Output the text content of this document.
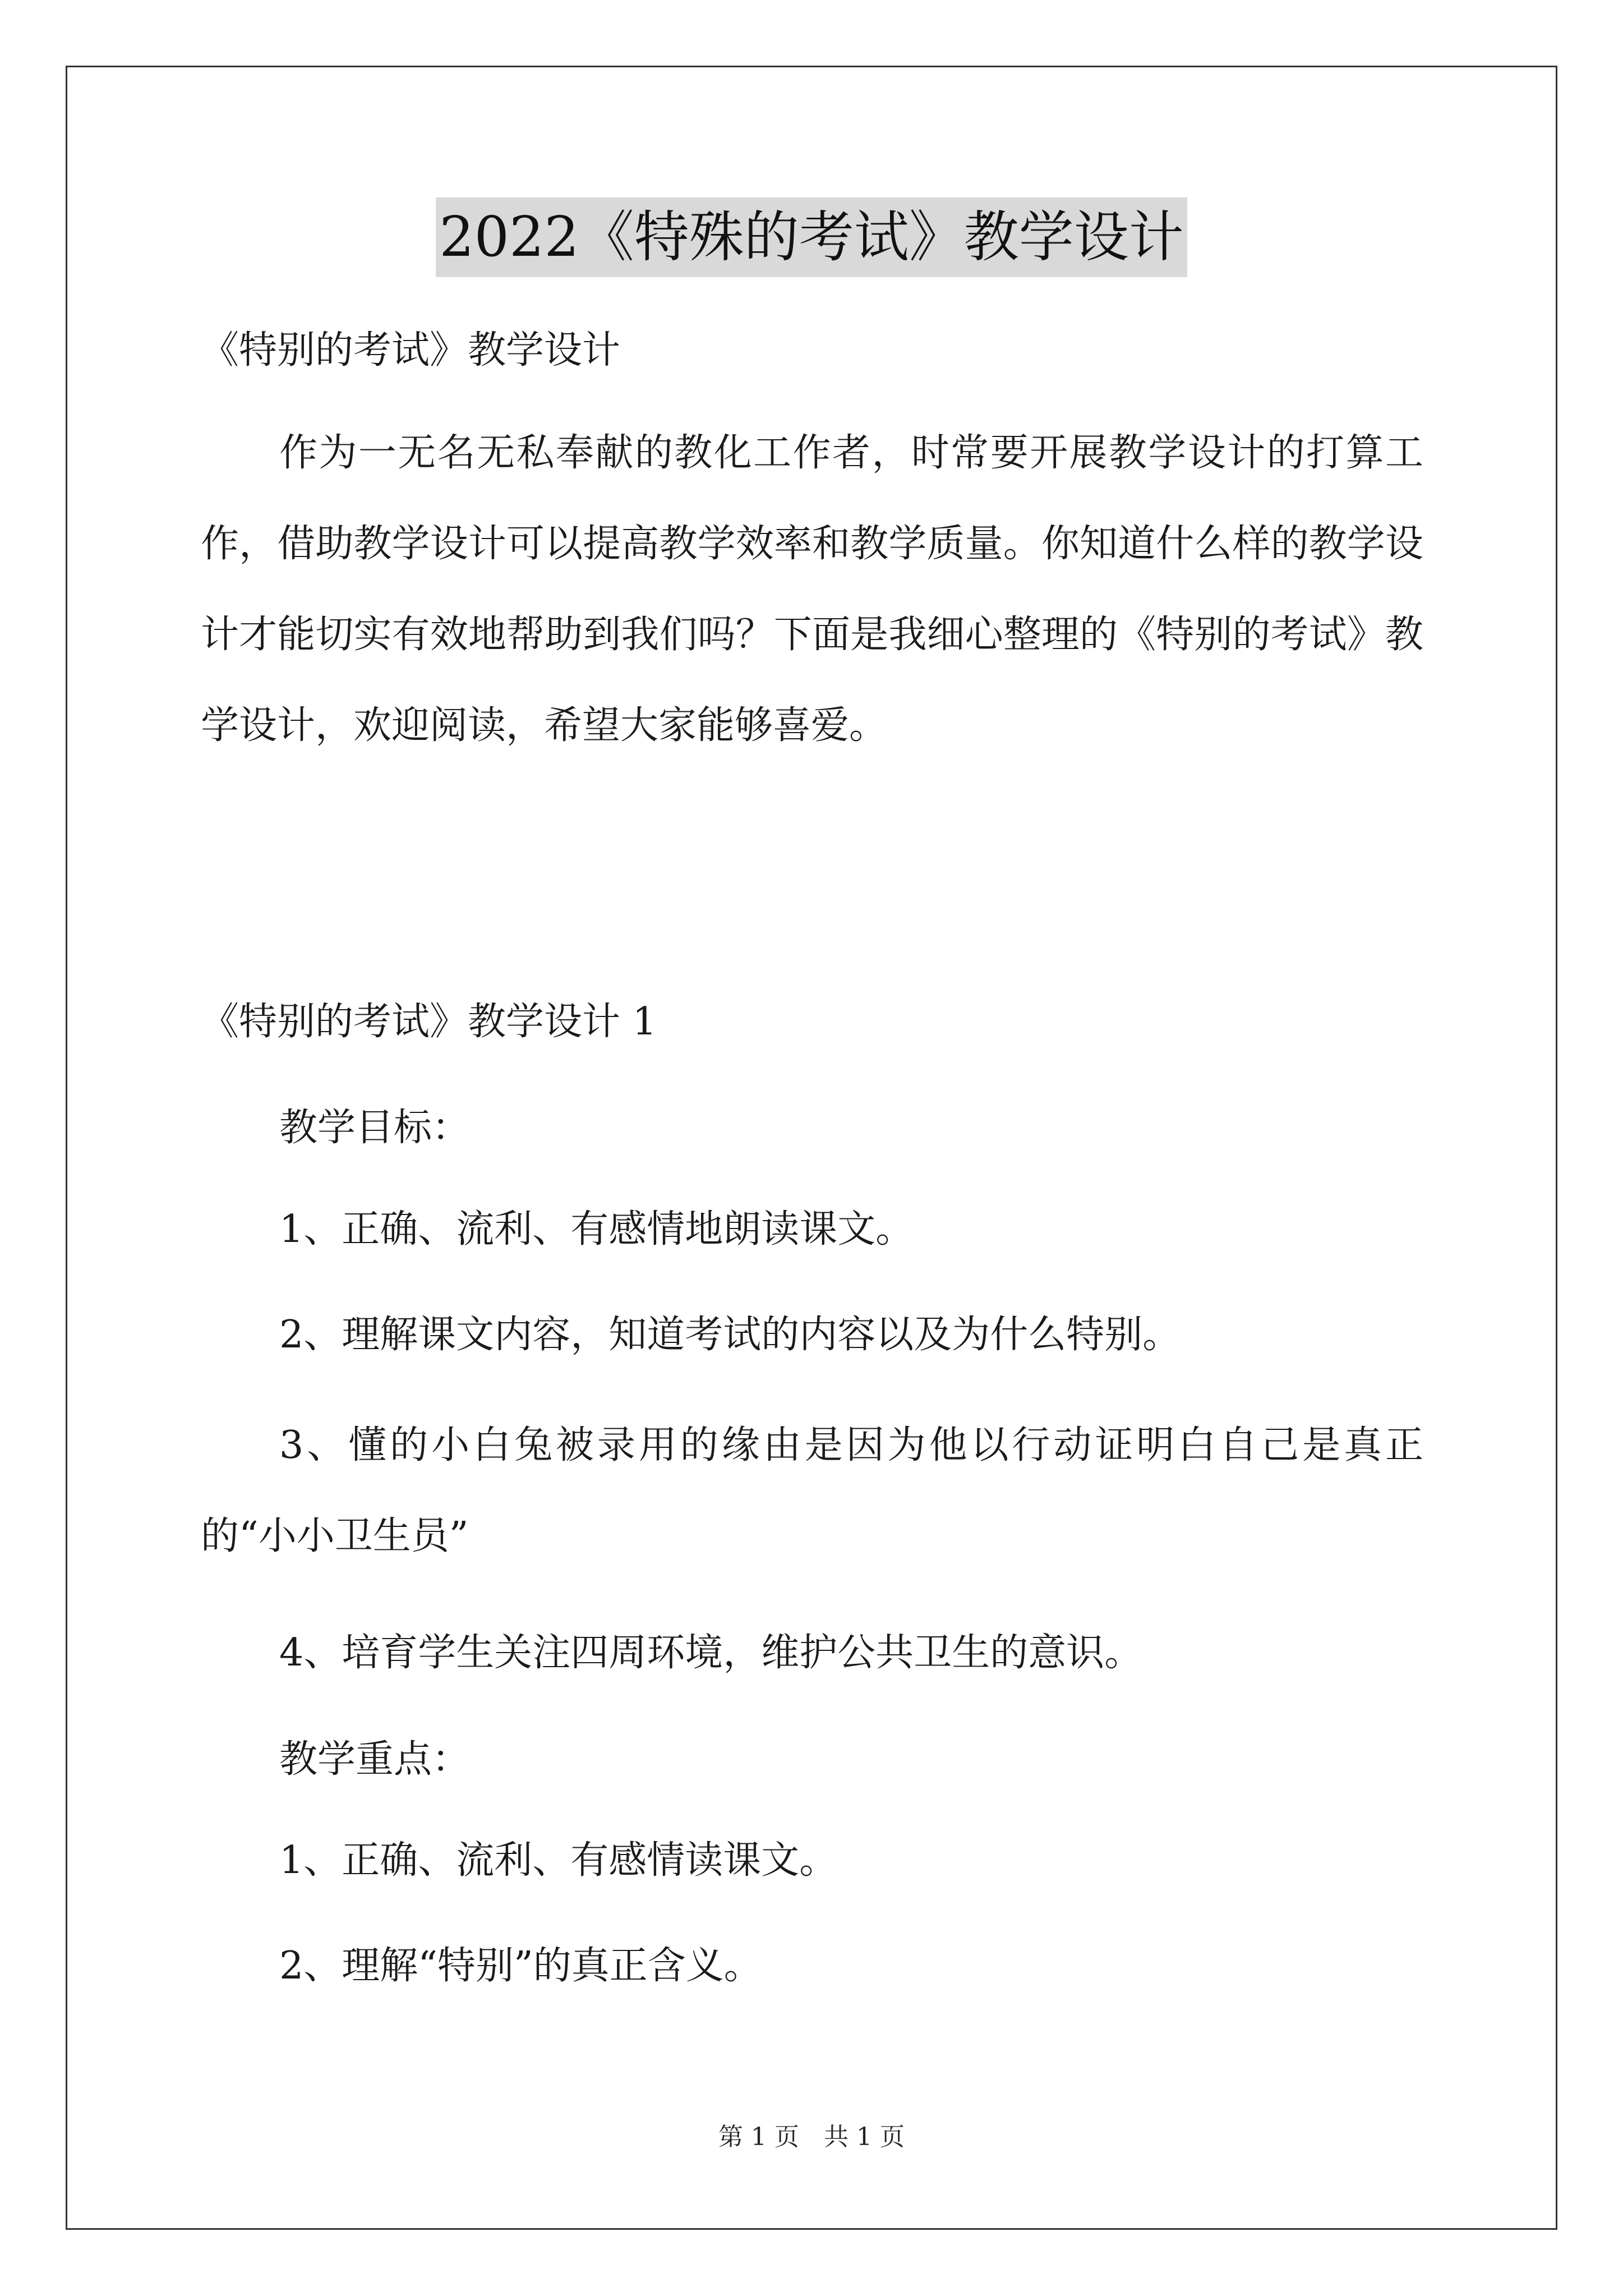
2022《特殊的考试》教学设计
《特别的考试》教学设计
作为一无名无私奉献的教化工作者，时常要开展教学设计的打算工作，借助教学设计可以提高教学效率和教学质量。你知道什么样的教学设计才能切实有效地帮助到我们吗？下面是我细心整理的《特别的考试》教学设计，欢迎阅读，希望大家能够喜爱。
《特别的考试》教学设计 1
教学目标：
1、正确、流利、有感情地朗读课文。
2、理解课文内容，知道考试的内容以及为什么特别。
3、懂的小白兔被录用的缘由是因为他以行动证明白自己是真正的“小小卫生员”
4、培育学生关注四周环境，维护公共卫生的意识。
教学重点：
1、正确、流利、有感情读课文。
2、理解“特别”的真正含义。
第 1 页　共 1 页
